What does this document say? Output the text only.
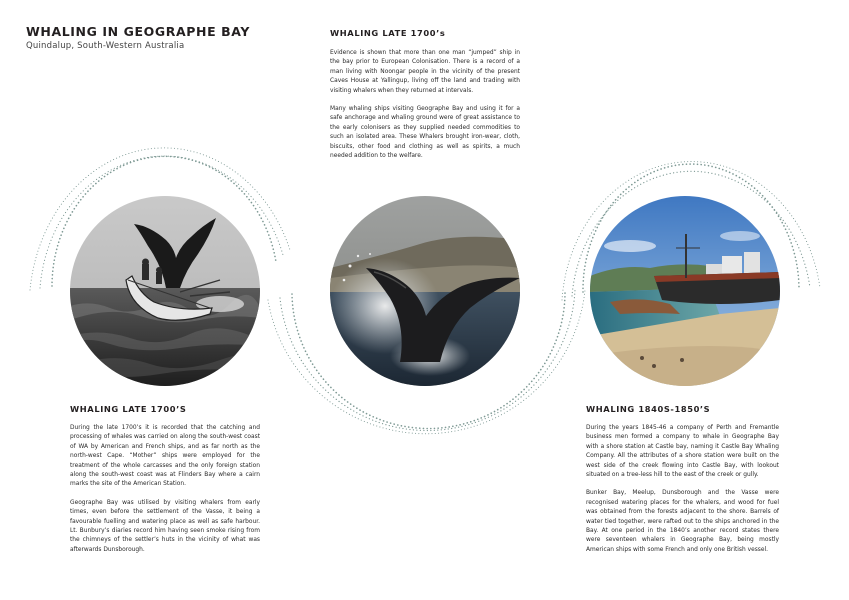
WHALING IN GEOGRAPHE BAY
Quindalup, South-Western Australia
WHALING LATE 1700’s

Evidence is shown that more than one man “jumped” ship in the bay prior to European Colonisation. There is a record of a man living with Noongar people in the vicinity of the present Caves House at Yallingup, living off the land and trading with visiting whalers when they returned at intervals.

Many whaling ships visiting Geographe Bay and using it for a safe anchorage and whaling ground were of great assistance to the early colonisers as they supplied needed commodities to such an isolated area. These Whalers brought iron-wear, cloth, biscuits, other food and clothing as well as spirits, a much needed addition to the welfare.

WHALING LATE 1700’S

During the late 1700’s it is recorded that the catching and processing of whales was carried on along the south-west coast of WA by American and French ships, and as far north as the north-west Cape. “Mother” ships were employed for the treatment of the whole carcasses and the only foreign station along the south-west coast was at Flinders Bay where a cairn marks the site of the American Station.

Geographe Bay was utilised by visiting whalers from early times, even before the settlement of the Vasse, it being a favourable fuelling and watering place as well as safe harbour. Lt. Bunbury’s diaries record him having seen smoke rising from the chimneys of the settler’s huts in the vicinity of what was afterwards Dunsborough.

WHALING 1840S-1850’S

During the years 1845-46 a company of Perth and Fremantle business men formed a company to whale in Geographe Bay with a shore station at Castle bay, naming it Castle Bay Whaling Company. All the attributes of a shore station were built on the west side of the creek flowing into Castle Bay, with lookout situated on a tree-less hill to the east of the creek or gully.

Bunker Bay, Meelup, Dunsborough and the Vasse were recognised watering places for the whalers, and wood for fuel was obtained from the forests adjacent to the shore. Barrels of water tied together, were rafted out to the ships anchored in the Bay. At one period in the 1840’s another record states there were seventeen whalers in Geographe Bay, being mostly American ships with some French and only one British vessel.
